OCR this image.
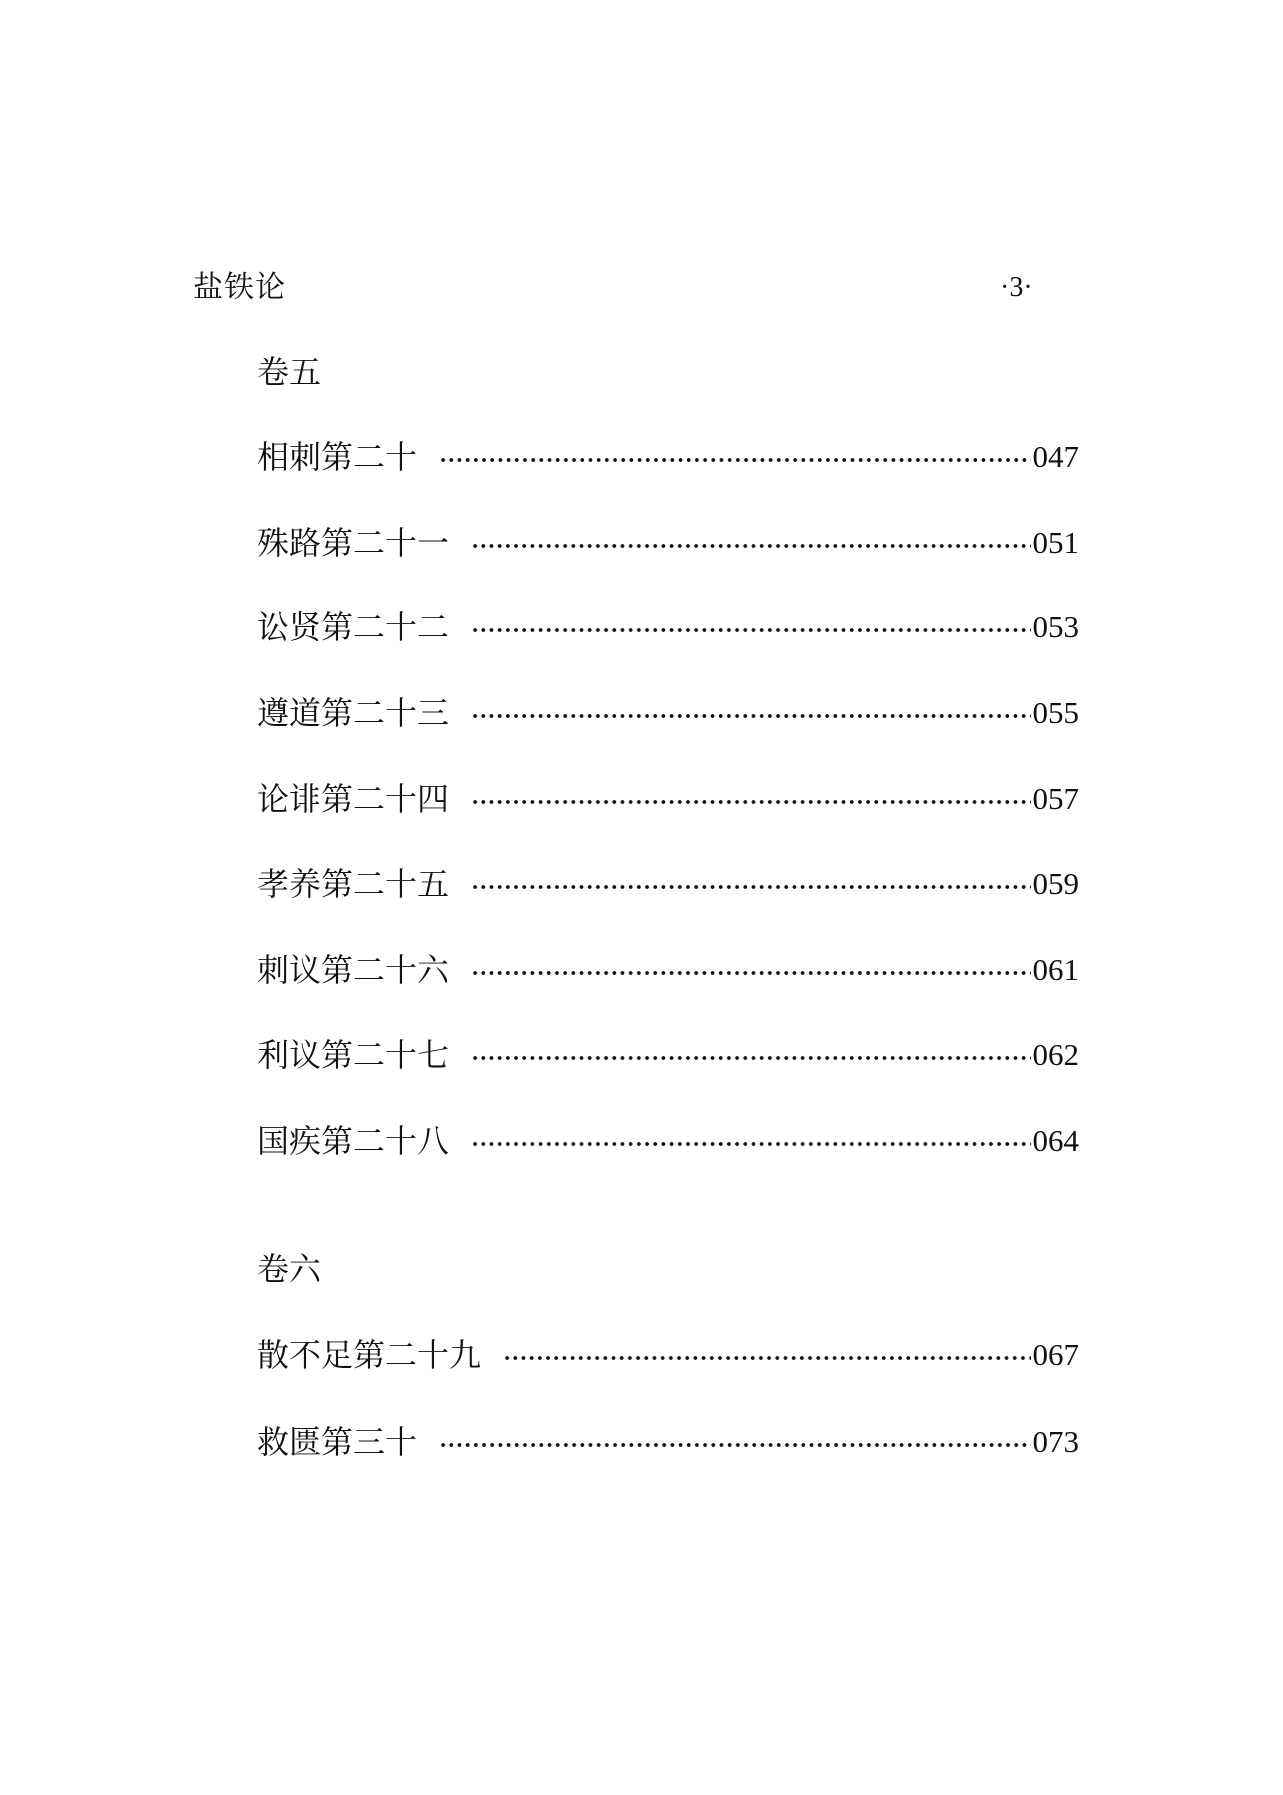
盐铁论	·3·
卷五
相刺第二十	047
殊路第二十一	051
讼贤第二十二	053
遵道第二十三	055
论诽第二十四	057
孝养第二十五	059
刺议第二十六	061
利议第二十七	062
国疾第二十八	064
卷六
散不足第二十九	067
救匮第三十	073
